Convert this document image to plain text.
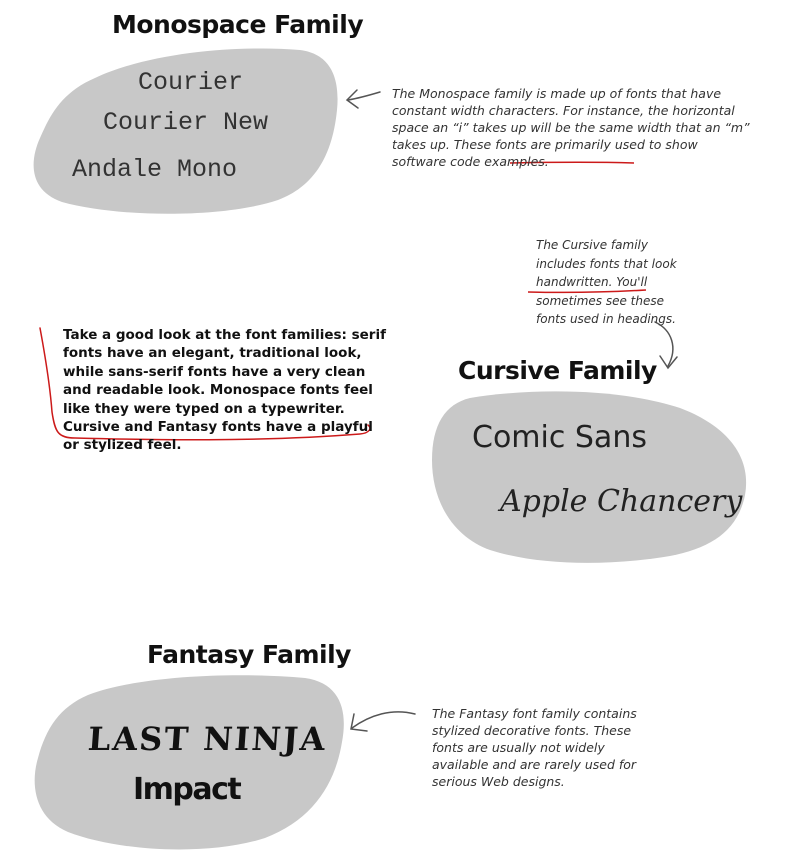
Monospace Family
Courier
Courier New
Andale Mono
The Monospace family is made up of fonts that have constant width characters. For instance, the horizontal space an “i” takes up will be the same width that an “m” takes up. These fonts are primarily used to show software code examples.
The Cursive family includes fonts that look handwritten. You'll sometimes see these fonts used in headings.
Take a good look at the font families: serif fonts have an elegant, traditional look, while sans-serif fonts have a very clean and readable look. Monospace fonts feel like they were typed on a typewriter. Cursive and Fantasy fonts have a playful or stylized feel.
Cursive Family
Comic Sans
Apple Chancery
Fantasy Family
LAST NINJA
Impact
The Fantasy font family contains stylized decorative fonts. These fonts are usually not widely available and are rarely used for serious Web designs.
